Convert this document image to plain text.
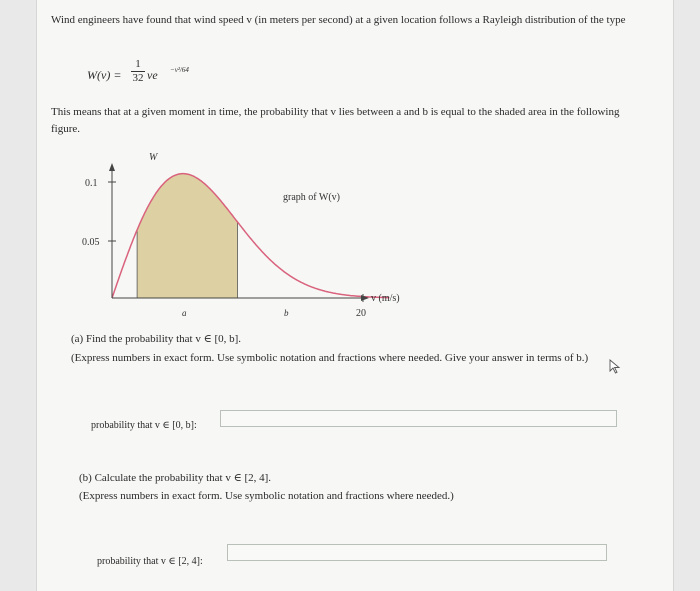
Wind engineers have found that wind speed v (in meters per second) at a given location follows a Rayleigh distribution of the type

W(v) =
1
32 ve −v²/64

This means that at a given moment in time, the probability that v lies between a and b is equal to the shaded area in the following figure.

W
0.1
0.05
a	b	20
v (m/s)
graph of W(v)

(a) Find the probability that v ∈ [0, b].

(Express numbers in exact form. Use symbolic notation and fractions where needed. Give your answer in terms of b.)

probability that v ∈ [0, b]:

(b) Calculate the probability that v ∈ [2, 4].

(Express numbers in exact form. Use symbolic notation and fractions where needed.)

probability that v ∈ [2, 4]:
